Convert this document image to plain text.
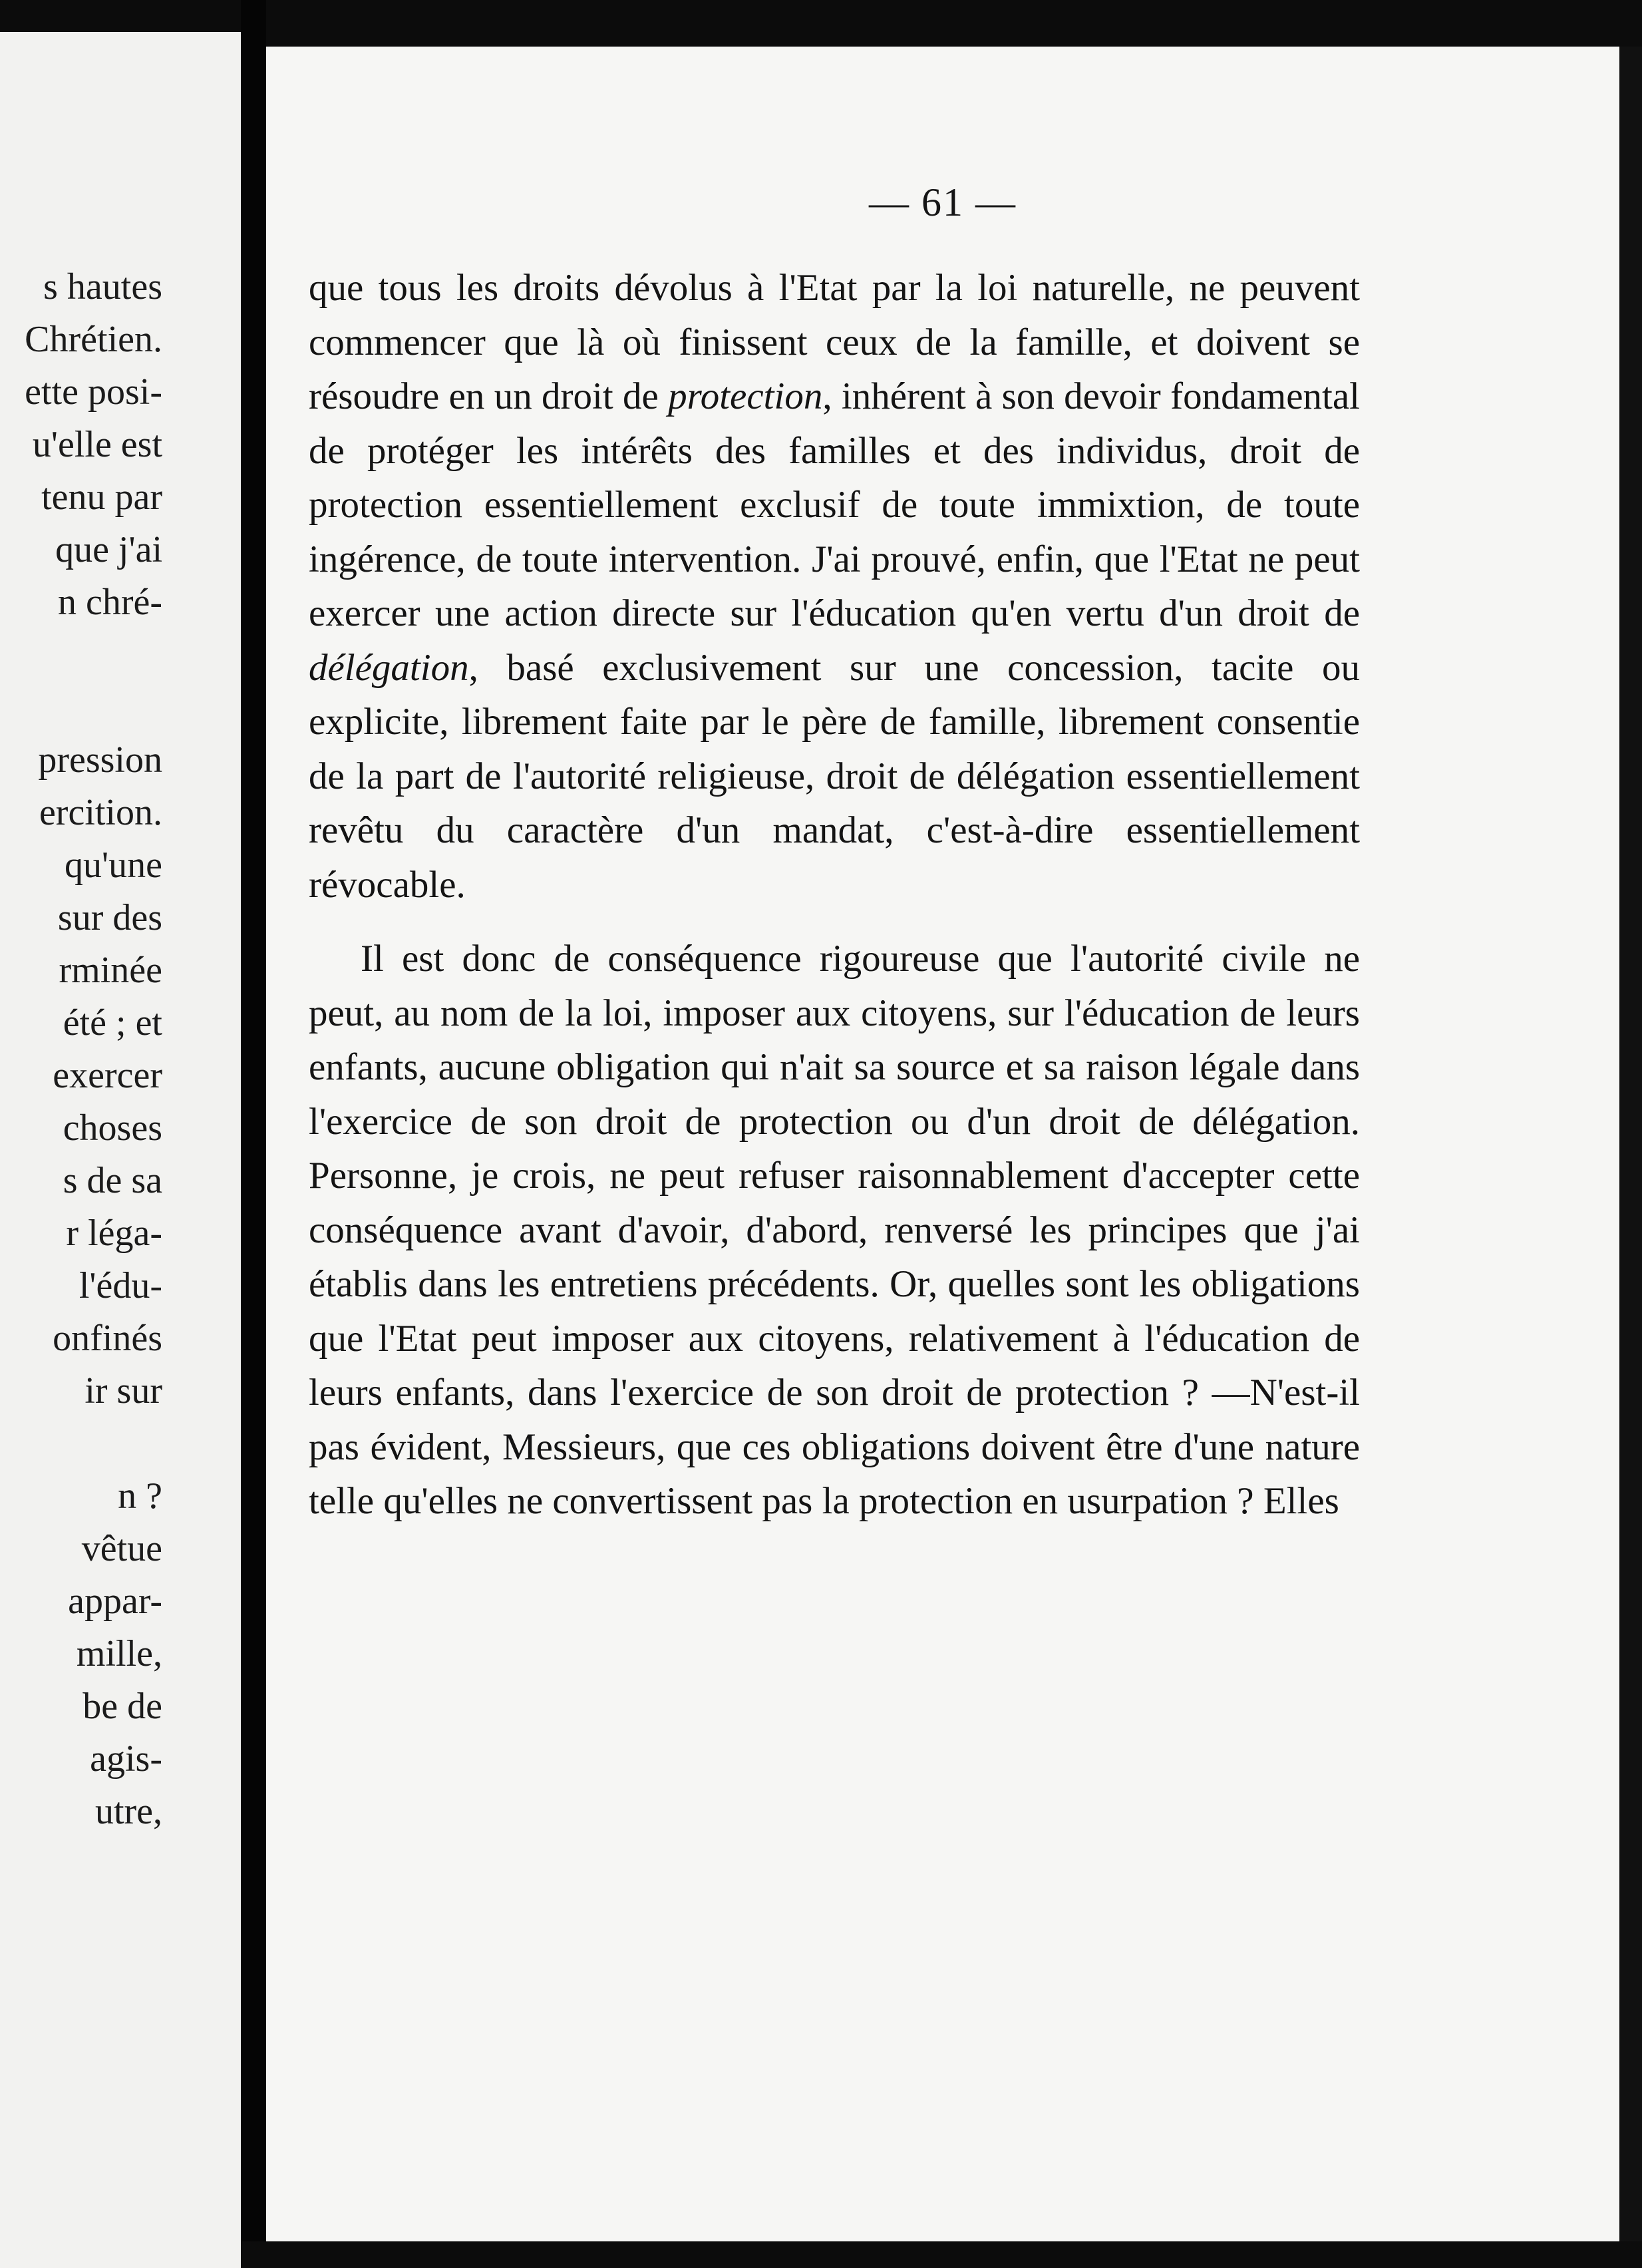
s hautes
Chrétien.
ette posi-
u'elle est
tenu par
que j'ai
n chré-
pression
ercition.
qu'une
sur des
rminée
été ; et
exercer
choses
s de sa
r léga-
l'édu-
onfinés
ir sur
n ?
vêtue
appar-
mille,
be de
agis-
utre,
— 61 —

que tous les droits dévolus à l'Etat par la loi naturelle, ne peuvent commencer que là où finissent ceux de la famille, et doivent se résoudre en un droit de protection, inhérent à son devoir fondamental de protéger les intérêts des familles et des individus, droit de protection essentiellement exclusif de toute immixtion, de toute ingérence, de toute intervention. J'ai prouvé, enfin, que l'Etat ne peut exercer une action directe sur l'éducation qu'en vertu d'un droit de délégation, basé exclusivement sur une concession, tacite ou explicite, librement faite par le père de famille, librement consentie de la part de l'autorité religieuse, droit de délégation essentiellement revêtu du caractère d'un mandat, c'est-à-dire essentiellement révocable.

Il est donc de conséquence rigoureuse que l'autorité civile ne peut, au nom de la loi, imposer aux citoyens, sur l'éducation de leurs enfants, aucune obligation qui n'ait sa source et sa raison légale dans l'exercice de son droit de protection ou d'un droit de délégation. Personne, je crois, ne peut refuser raisonnablement d'accepter cette conséquence avant d'avoir, d'abord, renversé les principes que j'ai établis dans les entretiens précédents. Or, quelles sont les obligations que l'Etat peut imposer aux citoyens, relativement à l'éducation de leurs enfants, dans l'exercice de son droit de protection ? —N'est-il pas évident, Messieurs, que ces obligations doivent être d'une nature telle qu'elles ne convertissent pas la protection en usurpation ? Elles
